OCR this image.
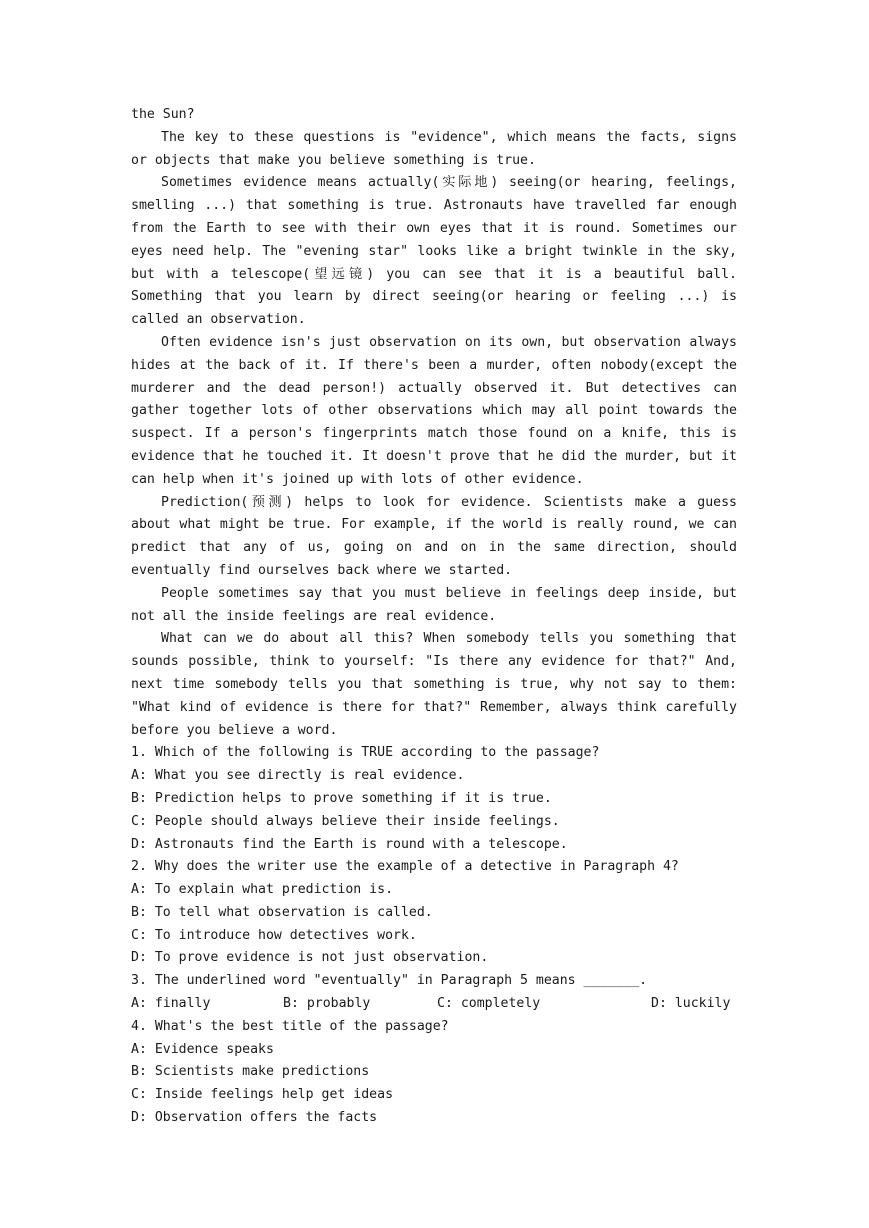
the Sun?

The key to these questions is "evidence", which means the facts, signs or objects that make you believe something is true.

Sometimes evidence means actually(实际地) seeing(or hearing, feelings, smelling ...) that something is true. Astronauts have travelled far enough from the Earth to see with their own eyes that it is round. Sometimes our eyes need help. The "evening star" looks like a bright twinkle in the sky, but with a telescope(望远镜) you can see that it is a beautiful ball. Something that you learn by direct seeing(or hearing or feeling ...) is called an observation.

Often evidence isn's just observation on its own, but observation always hides at the back of it. If there's been a murder, often nobody(except the murderer and the dead person!) actually observed it. But detectives can gather together lots of other observations which may all point towards the suspect. If a person's fingerprints match those found on a knife, this is evidence that he touched it. It doesn't prove that he did the murder, but it can help when it's joined up with lots of other evidence.

Prediction(预测) helps to look for evidence. Scientists make a guess about what might be true. For example, if the world is really round, we can predict that any of us, going on and on in the same direction, should eventually find ourselves back where we started.

People sometimes say that you must believe in feelings deep inside, but not all the inside feelings are real evidence.

What can we do about all this? When somebody tells you something that sounds possible, think to yourself: "Is there any evidence for that?" And, next time somebody tells you that something is true, why not say to them: "What kind of evidence is there for that?" Remember, always think carefully before you believe a word.

1. Which of the following is TRUE according to the passage?

A: What you see directly is real evidence.

B: Prediction helps to prove something if it is true.

C: People should always believe their inside feelings.

D: Astronauts find the Earth is round with a telescope.

2. Why does the writer use the example of a detective in Paragraph 4?

A: To explain what prediction is.

B: To tell what observation is called.

C: To introduce how detectives work.

D: To prove evidence is not just observation.

3. The underlined word "eventually" in Paragraph 5 means _______.

A: finally	B: probably	C: completely	D: luckily

4. What's the best title of the passage?

A: Evidence speaks

B: Scientists make predictions

C: Inside feelings help get ideas

D: Observation offers the facts
